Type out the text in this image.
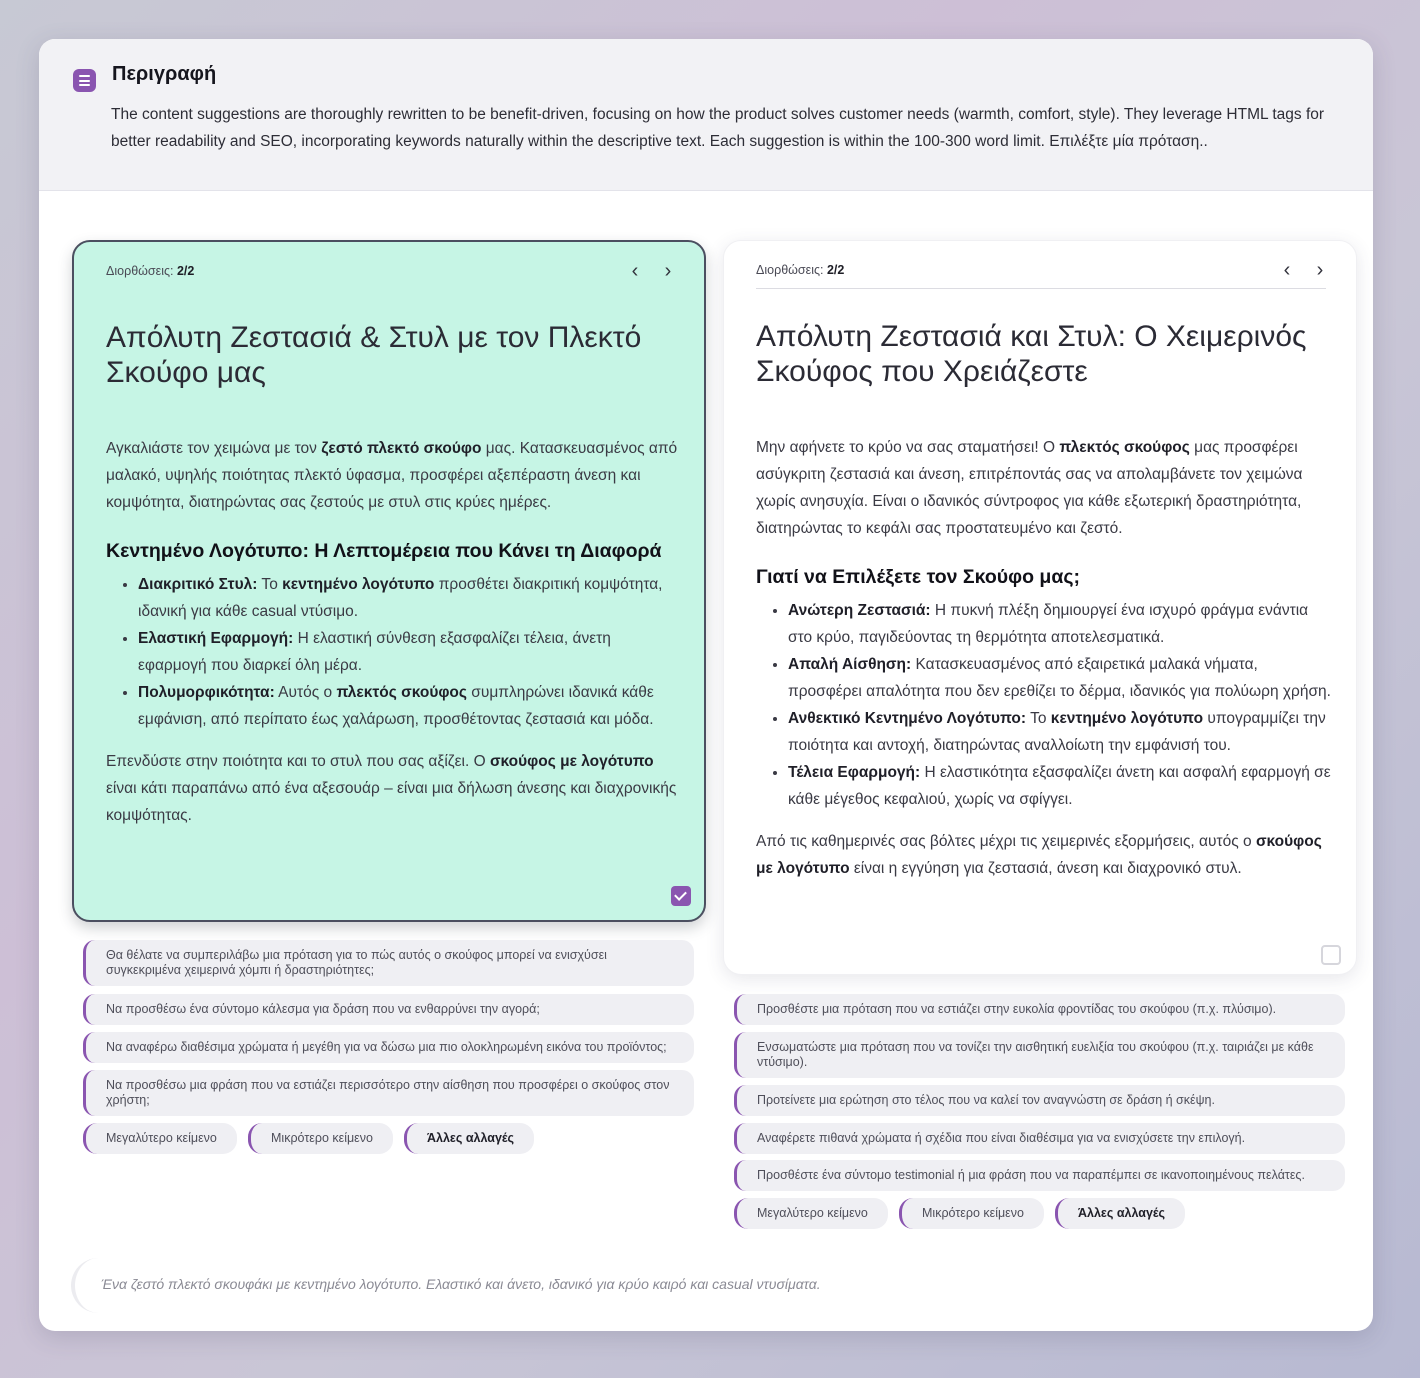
Περιγραφή
The content suggestions are thoroughly rewritten to be benefit-driven, focusing on how the product solves customer needs (warmth, comfort, style). They leverage HTML tags for better readability and SEO, incorporating keywords naturally within the descriptive text. Each suggestion is within the 100-300 word limit. Επιλέξτε μία πρόταση..
Διορθώσεις: 2/2	‹	›
Απόλυτη Ζεστασιά & Στυλ με τον Πλεκτό Σκούφο μας

Αγκαλιάστε τον χειμώνα με τον ζεστό πλεκτό σκούφο μας. Κατασκευασμένος από μαλακό, υψηλής ποιότητας πλεκτό ύφασμα, προσφέρει αξεπέραστη άνεση και κομψότητα, διατηρώντας σας ζεστούς με στυλ στις κρύες ημέρες.

Κεντημένο Λογότυπο: Η Λεπτομέρεια που Κάνει τη Διαφορά
• Διακριτικό Στυλ: Το κεντημένο λογότυπο προσθέτει διακριτική κομψότητα, ιδανική για κάθε casual ντύσιμο.
• Ελαστική Εφαρμογή: Η ελαστική σύνθεση εξασφαλίζει τέλεια, άνετη εφαρμογή που διαρκεί όλη μέρα.
• Πολυμορφικότητα: Αυτός ο πλεκτός σκούφος συμπληρώνει ιδανικά κάθε εμφάνιση, από περίπατο έως χαλάρωση, προσθέτοντας ζεστασιά και μόδα.

Επενδύστε στην ποιότητα και το στυλ που σας αξίζει. Ο σκούφος με λογότυπο είναι κάτι παραπάνω από ένα αξεσουάρ – είναι μια δήλωση άνεσης και διαχρονικής κομψότητας.

Θα θέλατε να συμπεριλάβω μια πρόταση για το πώς αυτός ο σκούφος μπορεί να ενισχύσει συγκεκριμένα χειμερινά χόμπι ή δραστηριότητες;
Να προσθέσω ένα σύντομο κάλεσμα για δράση που να ενθαρρύνει την αγορά;
Να αναφέρω διαθέσιμα χρώματα ή μεγέθη για να δώσω μια πιο ολοκληρωμένη εικόνα του προϊόντος;
Να προσθέσω μια φράση που να εστιάζει περισσότερο στην αίσθηση που προσφέρει ο σκούφος στον χρήστη;
Μεγαλύτερο κείμενο	Μικρότερο κείμενο	Άλλες αλλαγές
Διορθώσεις: 2/2	‹	›
Απόλυτη Ζεστασιά και Στυλ: Ο Χειμερινός Σκούφος που Χρειάζεστε

Μην αφήνετε το κρύο να σας σταματήσει! Ο πλεκτός σκούφος μας προσφέρει ασύγκριτη ζεστασιά και άνεση, επιτρέποντάς σας να απολαμβάνετε τον χειμώνα χωρίς ανησυχία. Είναι ο ιδανικός σύντροφος για κάθε εξωτερική δραστηριότητα, διατηρώντας το κεφάλι σας προστατευμένο και ζεστό.

Γιατί να Επιλέξετε τον Σκούφο μας;
• Ανώτερη Ζεστασιά: Η πυκνή πλέξη δημιουργεί ένα ισχυρό φράγμα ενάντια στο κρύο, παγιδεύοντας τη θερμότητα αποτελεσματικά.
• Απαλή Αίσθηση: Κατασκευασμένος από εξαιρετικά μαλακά νήματα, προσφέρει απαλότητα που δεν ερεθίζει το δέρμα, ιδανικός για πολύωρη χρήση.
• Ανθεκτικό Κεντημένο Λογότυπο: Το κεντημένο λογότυπο υπογραμμίζει την ποιότητα και αντοχή, διατηρώντας αναλλοίωτη την εμφάνισή του.
• Τέλεια Εφαρμογή: Η ελαστικότητα εξασφαλίζει άνετη και ασφαλή εφαρμογή σε κάθε μέγεθος κεφαλιού, χωρίς να σφίγγει.

Από τις καθημερινές σας βόλτες μέχρι τις χειμερινές εξορμήσεις, αυτός ο σκούφος με λογότυπο είναι η εγγύηση για ζεστασιά, άνεση και διαχρονικό στυλ.

Προσθέστε μια πρόταση που να εστιάζει στην ευκολία φροντίδας του σκούφου (π.χ. πλύσιμο).
Ενσωματώστε μια πρόταση που να τονίζει την αισθητική ευελιξία του σκούφου (π.χ. ταιριάζει με κάθε ντύσιμο).
Προτείνετε μια ερώτηση στο τέλος που να καλεί τον αναγνώστη σε δράση ή σκέψη.
Αναφέρετε πιθανά χρώματα ή σχέδια που είναι διαθέσιμα για να ενισχύσετε την επιλογή.
Προσθέστε ένα σύντομο testimonial ή μια φράση που να παραπέμπει σε ικανοποιημένους πελάτες.
Μεγαλύτερο κείμενο	Μικρότερο κείμενο	Άλλες αλλαγές
Ένα ζεστό πλεκτό σκουφάκι με κεντημένο λογότυπο. Ελαστικό και άνετο, ιδανικό για κρύο καιρό και casual ντυσίματα.
